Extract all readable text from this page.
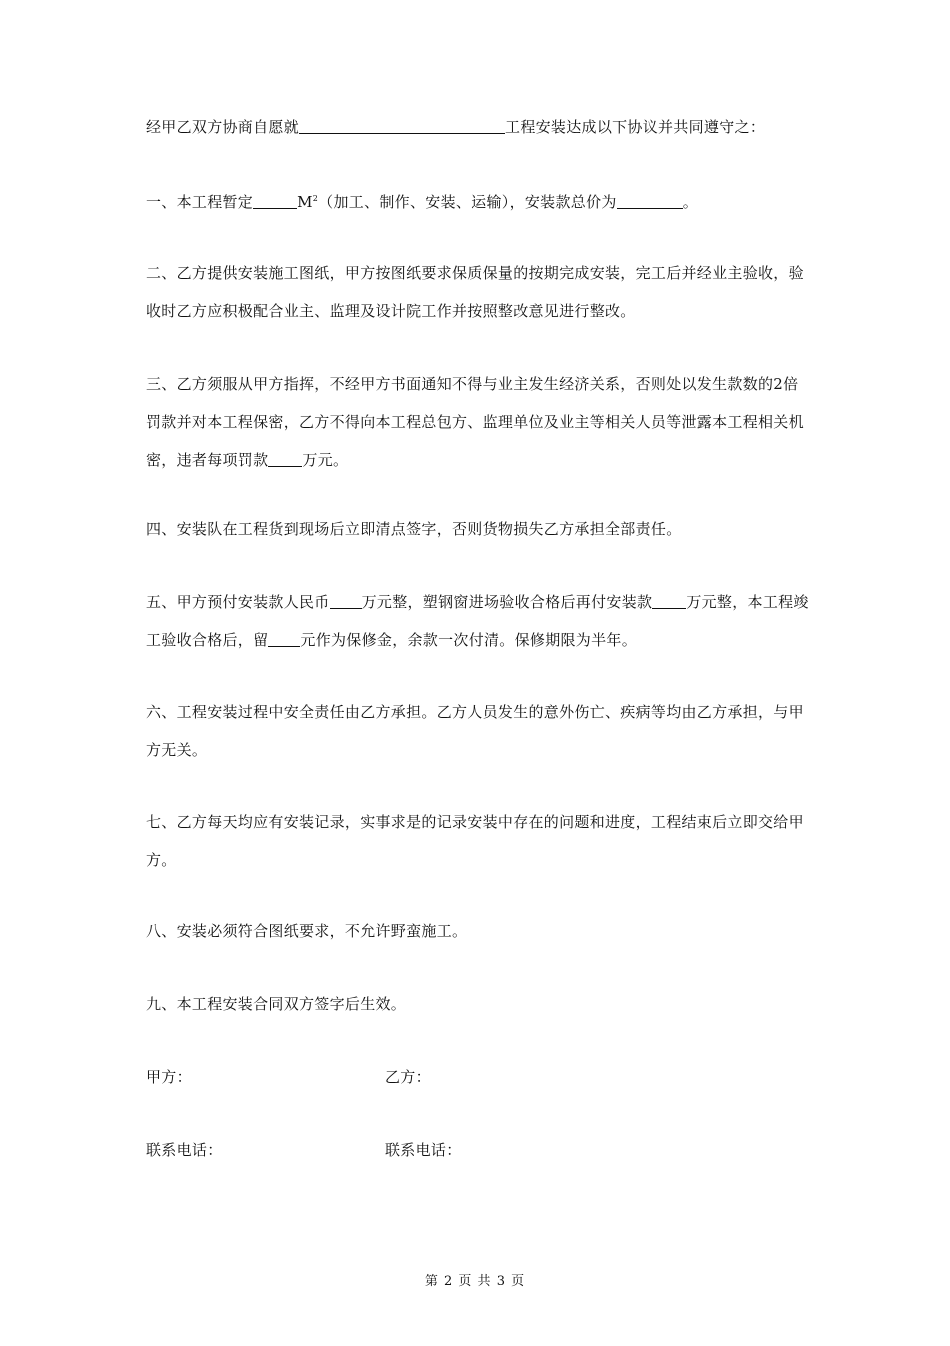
经甲乙双方协商自愿就	工程安装达成以下协议并共同遵守之：

一、本工程暂定	$M^2$（加工、制作、安装、运输），安装款总价为	。

二、乙方提供安装施工图纸，甲方按图纸要求保质保量的按期完成安装，完工后并经业主验收，验收时乙方应积极配合业主、监理及设计院工作并按照整改意见进行整改。

三、乙方须服从甲方指挥，不经甲方书面通知不得与业主发生经济关系，否则处以发生款数的2倍罚款并对本工程保密，乙方不得向本工程总包方、监理单位及业主等相关人员等泄露本工程相关机密，违者每项罚款 万元。

四、安装队在工程货到现场后立即清点签字，否则货物损失乙方承担全部责任。

五、甲方预付安装款人民币 万元整，塑钢窗进场验收合格后再付安装款 万元整，本工程竣工验收合格后，留 元作为保修金，余款一次付清。保修期限为半年。

六、工程安装过程中安全责任由乙方承担。乙方人员发生的意外伤亡、疾病等均由乙方承担，与甲方无关。

七、乙方每天均应有安装记录，实事求是的记录安装中存在的问题和进度，工程结束后立即交给甲方。

八、安装必须符合图纸要求，不允许野蛮施工。

九、本工程安装合同双方签字后生效。

甲方：	乙方：
联系电话：	联系电话：
第 2 页 共 3 页
